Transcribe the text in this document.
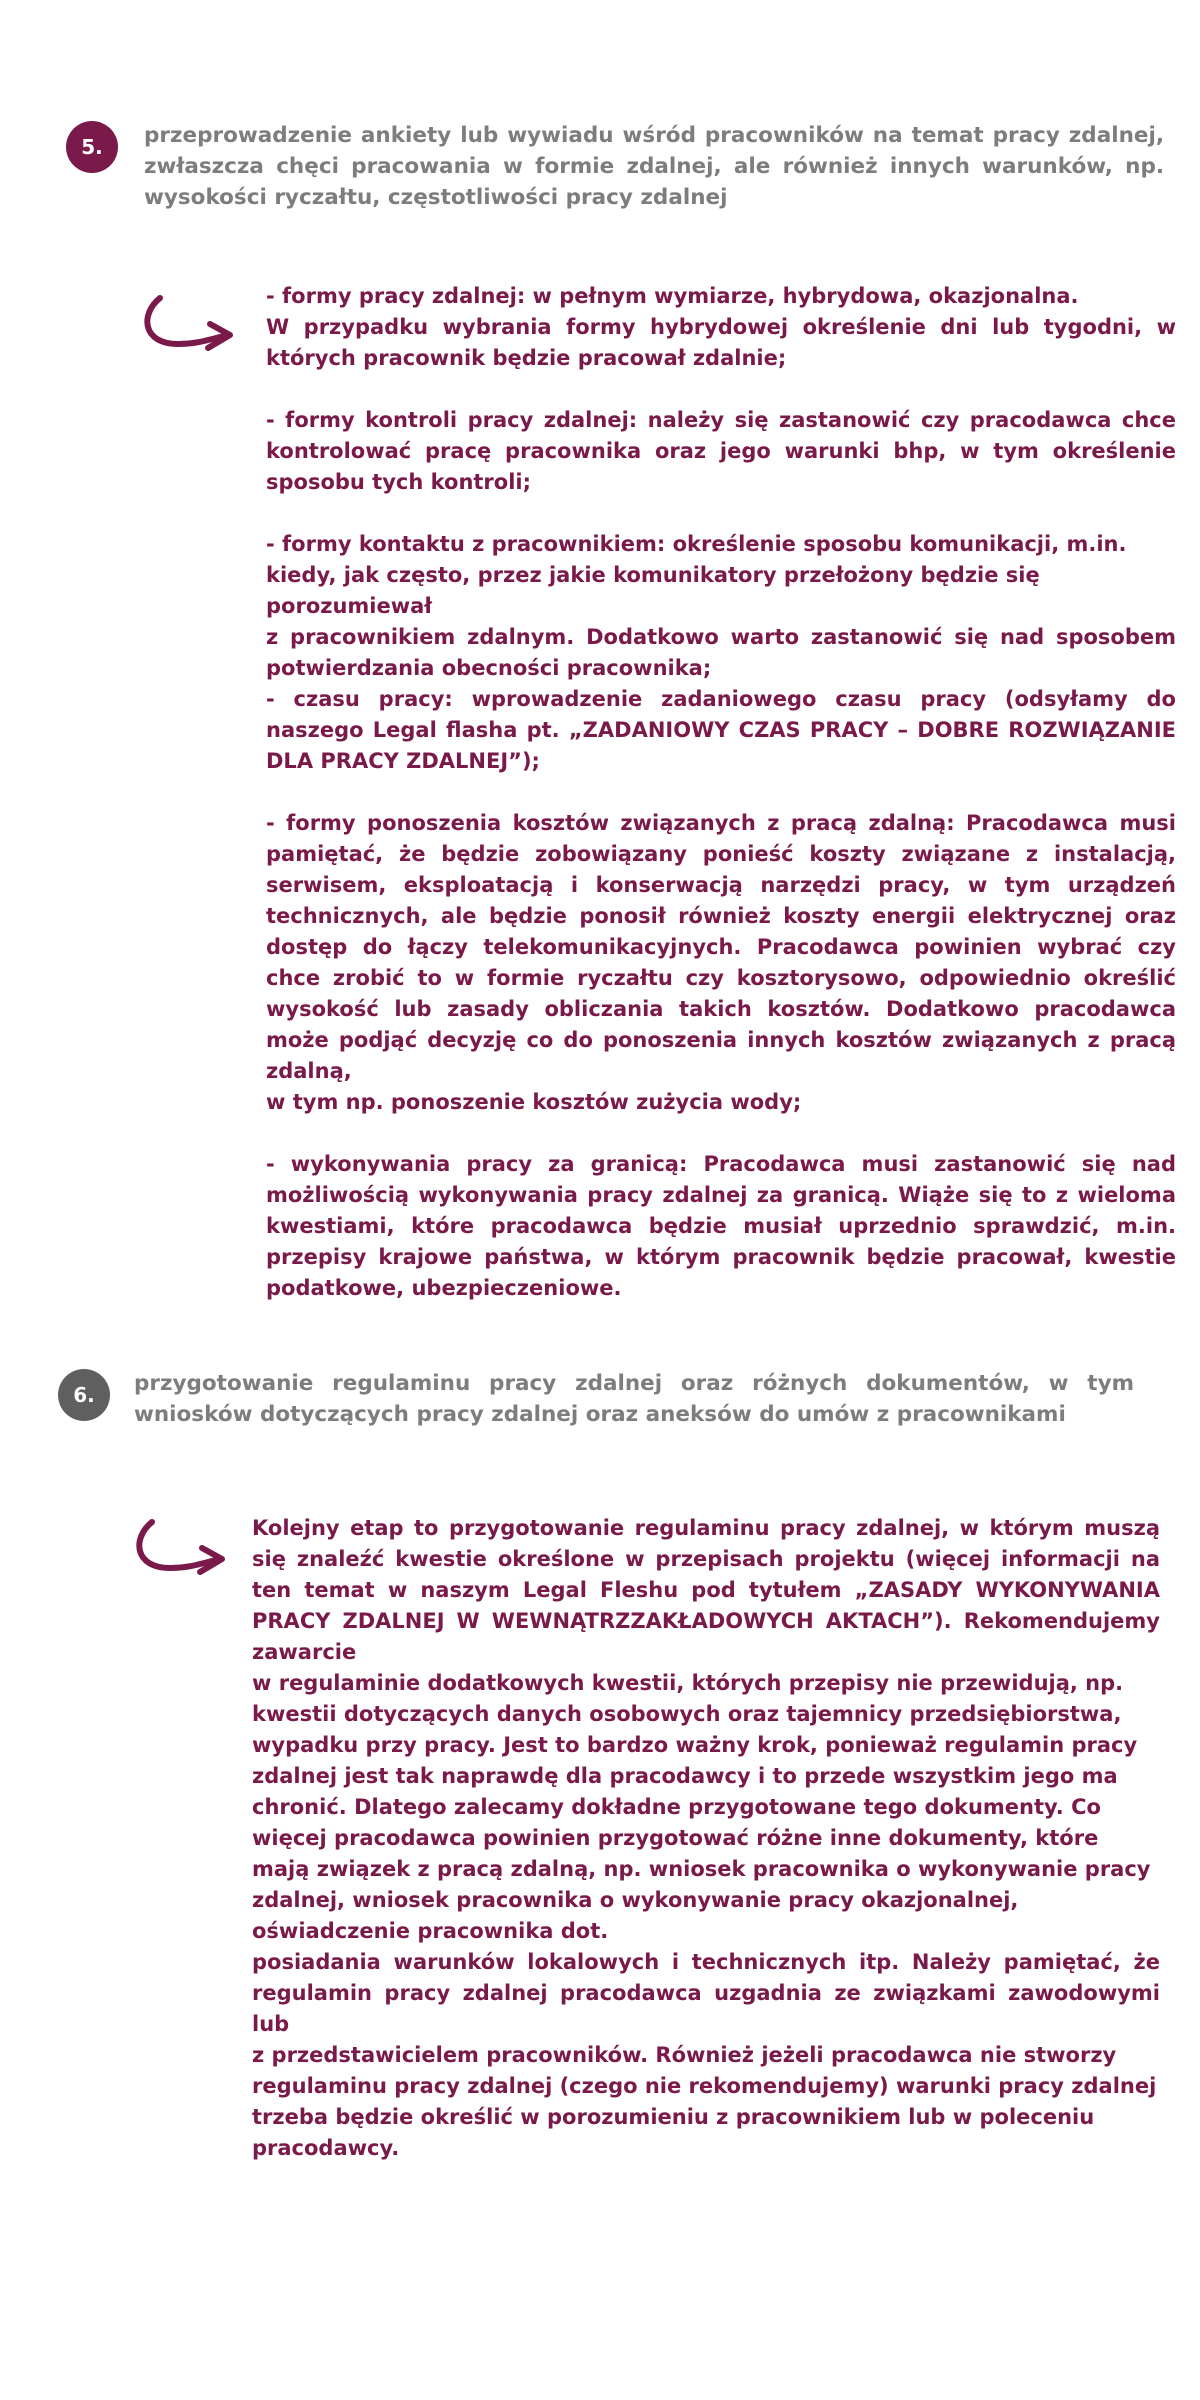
5.	przeprowadzenie ankiety lub wywiadu wśród pracowników na temat pracy zdalnej, zwłaszcza chęci pracowania w formie zdalnej, ale również innych warunków, np. wysokości ryczałtu, częstotliwości pracy zdalnej

- formy pracy zdalnej: w pełnym wymiarze, hybrydowa, okazjonalna.

W przypadku wybrania formy hybrydowej określenie dni lub tygodni, w których pracownik będzie pracował zdalnie;

- formy kontroli pracy zdalnej: należy się zastanowić czy pracodawca chce kontrolować pracę pracownika oraz jego warunki bhp, w tym określenie sposobu tych kontroli;

- formy kontaktu z pracownikiem: określenie sposobu komunikacji, m.in. kiedy, jak często, przez jakie komunikatory przełożony będzie się porozumiewał

z pracownikiem zdalnym. Dodatkowo warto zastanowić się nad sposobem potwierdzania obecności pracownika;

- czasu pracy: wprowadzenie zadaniowego czasu pracy (odsyłamy do naszego Legal flasha pt. „ZADANIOWY CZAS PRACY – DOBRE ROZWIĄZANIE DLA PRACY ZDALNEJ”);

- formy ponoszenia kosztów związanych z pracą zdalną: Pracodawca musi pamiętać, że będzie zobowiązany ponieść koszty związane z instalacją, serwisem, eksploatacją i konserwacją narzędzi pracy, w tym urządzeń technicznych, ale będzie ponosił również koszty energii elektrycznej oraz dostęp do łączy telekomunikacyjnych. Pracodawca powinien wybrać czy chce zrobić to w formie ryczałtu czy kosztorysowo, odpowiednio określić wysokość lub zasady obliczania takich kosztów. Dodatkowo pracodawca może podjąć decyzję co do ponoszenia innych kosztów związanych z pracą zdalną,

w tym np. ponoszenie kosztów zużycia wody;

- wykonywania pracy za granicą: Pracodawca musi zastanowić się nad możliwością wykonywania pracy zdalnej za granicą. Wiąże się to z wieloma kwestiami, które pracodawca będzie musiał uprzednio sprawdzić, m.in. przepisy krajowe państwa, w którym pracownik będzie pracował, kwestie podatkowe, ubezpieczeniowe.

6.	przygotowanie regulaminu pracy zdalnej oraz różnych dokumentów, w tym wniosków dotyczących pracy zdalnej oraz aneksów do umów z pracownikami

Kolejny etap to przygotowanie regulaminu pracy zdalnej, w którym muszą się znaleźć kwestie określone w przepisach projektu (więcej informacji na ten temat w naszym Legal Fleshu pod tytułem „ZASADY WYKONYWANIA PRACY ZDALNEJ W WEWNĄTRZZAKŁADOWYCH AKTACH”). Rekomendujemy zawarcie

w regulaminie dodatkowych kwestii, których przepisy nie przewidują, np. kwestii dotyczących danych osobowych oraz tajemnicy przedsiębiorstwa, wypadku przy pracy. Jest to bardzo ważny krok, ponieważ regulamin pracy zdalnej jest tak naprawdę dla pracodawcy i to przede wszystkim jego ma chronić. Dlatego zalecamy dokładne przygotowane tego dokumenty. Co więcej pracodawca powinien przygotować różne inne dokumenty, które mają związek z pracą zdalną, np. wniosek pracownika o wykonywanie pracy zdalnej, wniosek pracownika o wykonywanie pracy okazjonalnej, oświadczenie pracownika dot.

posiadania warunków lokalowych i technicznych itp. Należy pamiętać, że regulamin pracy zdalnej pracodawca uzgadnia ze związkami zawodowymi lub

z przedstawicielem pracowników. Również jeżeli pracodawca nie stworzy regulaminu pracy zdalnej (czego nie rekomendujemy) warunki pracy zdalnej trzeba będzie określić w porozumieniu z pracownikiem lub w poleceniu pracodawcy.
